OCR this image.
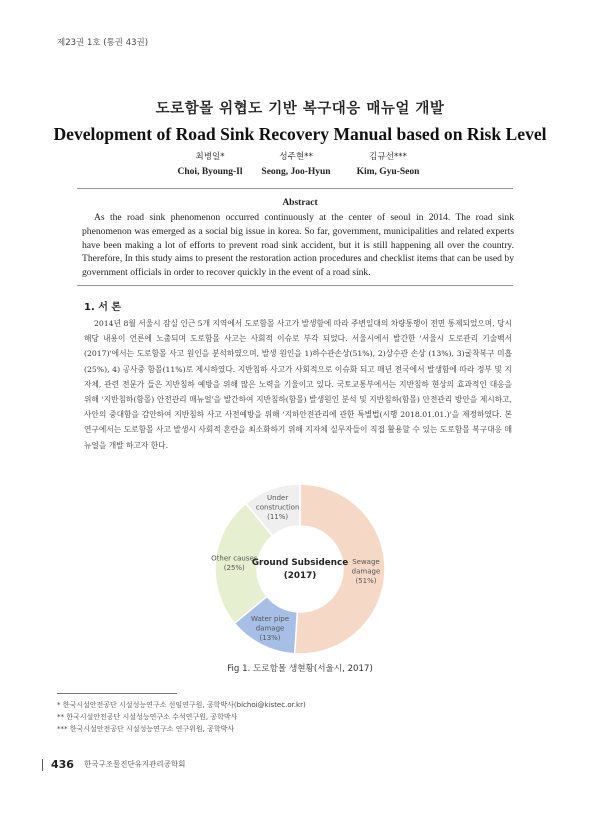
제23권 1호 (통권 43권)
도로함몰 위협도 기반 복구대응 매뉴얼 개발
Development of Road Sink Recovery Manual based on Risk Level
최병일*
Choi, Byoung-Il
성주현**
Seong, Joo-Hyun
김규선***
Kim, Gyu-Seon
Abstract

As the road sink phenomenon occurred continuously at the center of seoul in 2014. The road sink phenomenon was emerged as a social big issue in korea. So far, government, municipalities and related experts have been making a lot of efforts to prevent road sink accident, but it is still happening all over the country. Therefore, In this study aims to present the restoration action procedures and checklist items that can be used by government officials in order to recover quickly in the event of a road sink.

1. 서 론

2014년 8월 서울시 잠실 인근 5개 지역에서 도로함몰 사고가 발생함에 따라 주변일대의 차량통행이 전면 통제되었으며, 당시 해당 내용이 언론에 노출되며 도로함몰 사고는 사회적 이슈로 부각 되었다. 서울시에서 발간한 '서울시 도로관리 기술백서(2017)'에서는 도로함몰 사고 원인을 분석하였으며, 발생 원인을 1)하수관손상(51%), 2)상수관 손상 (13%), 3)굴착복구 미흡(25%), 4) 공사중 함몰(11%)로 제시하였다. 지반침하 사고가 사회적으로 이슈화 되고 매년 전국에서 발생함에 따라 정부 및 지자체, 관련 전문가 들은 지반침하 예방을 위해 많은 노력을 기울이고 있다. 국토교통부에서는 지반침하 현상의 효과적인 대응을 위해 '지반침하(함몰) 안전관리 매뉴얼'을 발간하여 지반침하(함몰) 발생원인 분석 및 지반침하(함몰) 안전관리 방안을 제시하고, 사안의 중대함을 감안하여 지반침하 사고 사전예방을 위해 '지하안전관리에 관한 특별법(시행 2018.01.01.)'을 제정하였다. 본 연구에서는 도로함몰 사고 발생시 사회적 혼란을 최소화하기 위해 지자체 실무자들이 직접 활용할 수 있는 도로함몰 복구대응 매뉴얼을 개발 하고자 한다.

Sewage damage (51%)
Water pipe damage (13%)
Other causes (25%)
Under construction (11%)
Ground Subsidence
(2017)
Fig 1. 도로함몰 생현황(서울시, 2017)
* 한국시설안전공단 시설성능연구소 선임연구원, 공학박사(bichoi@kistec.or.kr)
** 한국시설안전공단 시설성능연구소 수석연구원, 공학박사
*** 한국시설안전공단 시설성능연구소 연구위원, 공학박사
436 한국구조물진단유지관리공학회
